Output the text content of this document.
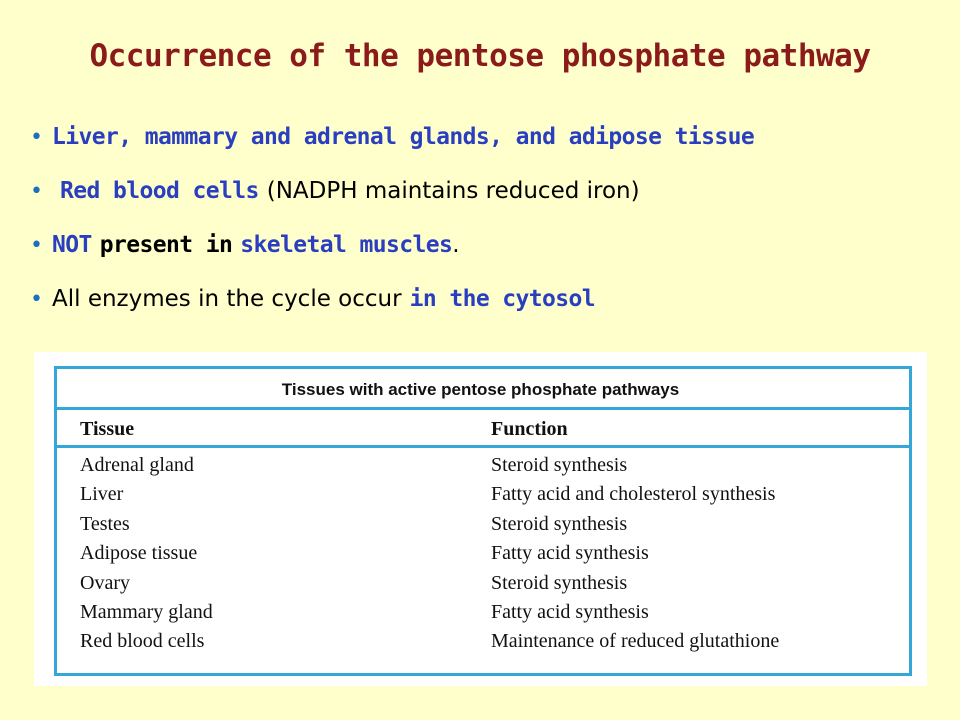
Occurrence of the pentose phosphate pathway
• Liver, mammary and adrenal glands, and adipose tissue
• Red blood cells (NADPH maintains reduced iron)
• NOT present in skeletal muscles .
• All enzymes in the cycle occur in the cytosol
Tissues with active pentose phosphate pathways
Tissue	Function
Adrenal gland	Steroid synthesis
Liver	Fatty acid and cholesterol synthesis
Testes	Steroid synthesis
Adipose tissue	Fatty acid synthesis
Ovary	Steroid synthesis
Mammary gland	Fatty acid synthesis
Red blood cells	Maintenance of reduced glutathione
